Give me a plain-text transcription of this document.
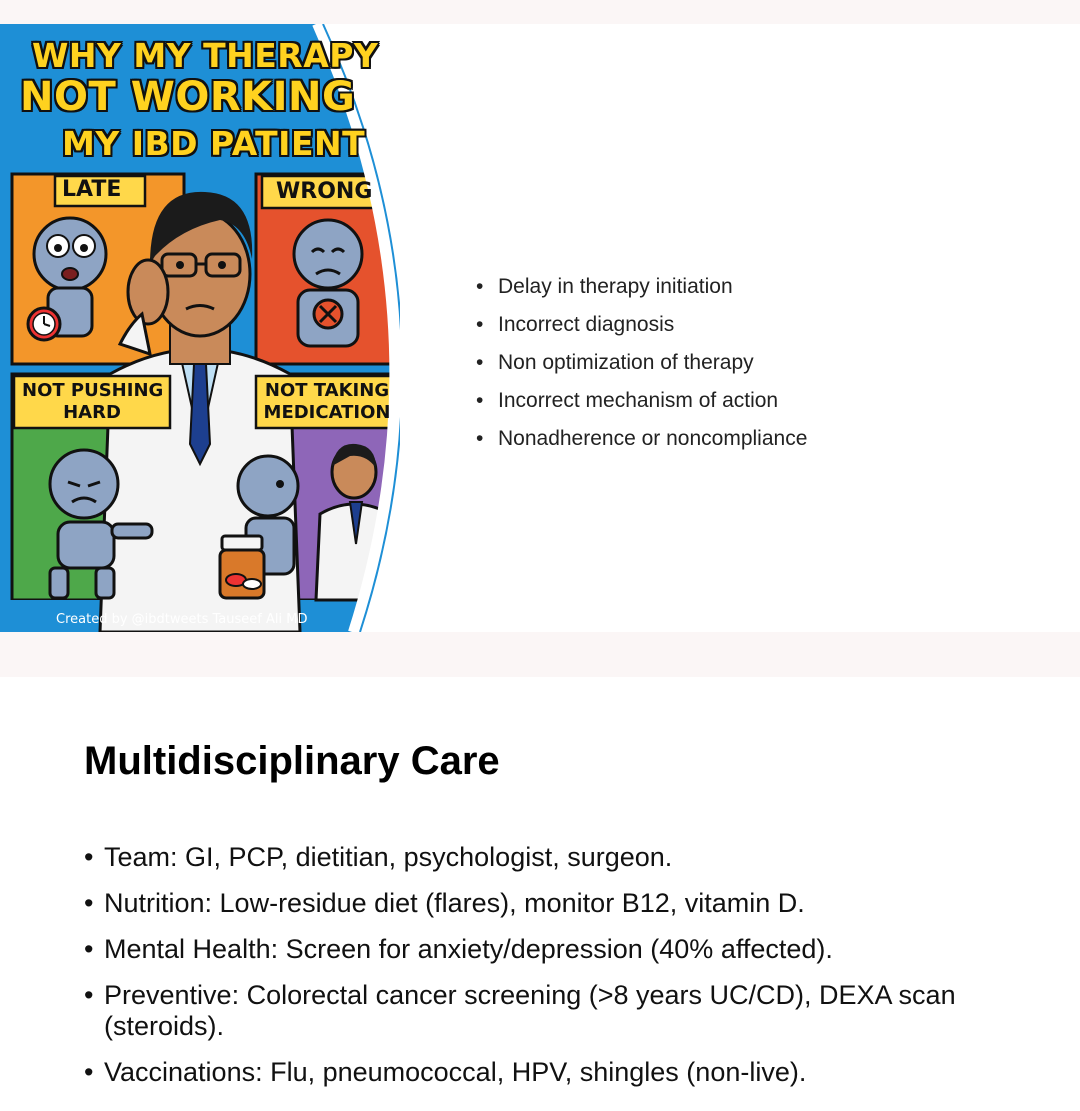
WHY MY THERAPY
NOT WORKING
MY IBD PATIENT
LATE	WRONG
NOT PUSHING
HARD
NOT TAKING
MEDICATION
Created by @ibdtweets Tauseef Ali MD
• Delay in therapy initiation
• Incorrect diagnosis
• Non optimization of therapy
• Incorrect mechanism of action
• Nonadherence or noncompliance
Multidisciplinary Care
• Team: GI, PCP, dietitian, psychologist, surgeon.
• Nutrition: Low-residue diet (flares), monitor B12, vitamin D.
• Mental Health: Screen for anxiety/depression (40% affected).
• Preventive: Colorectal cancer screening (>8 years UC/CD), DEXA scan (steroids).
• Vaccinations: Flu, pneumococcal, HPV, shingles (non-live).
